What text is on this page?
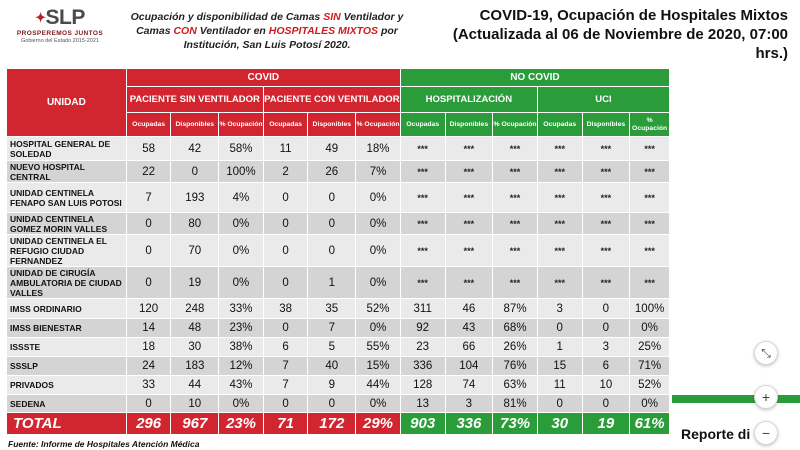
✦SLP
PROSPEREMOS JUNTOS
Gobierno del Estado 2015-2021
Ocupación y disponibilidad de Camas SIN Ventilador y Camas CON Ventilador en HOSPITALES MIXTOS por Institución, San Luis Potosí 2020.
COVID-19, Ocupación de Hospitales Mixtos
(Actualizada al 06 de Noviembre de 2020, 07:00 hrs.)
UNIDAD	COVID						NO COVID					
	PACIENTE SIN VENTILADOR			PACIENTE CON VENTILADOR			HOSPITALIZACIÓN			UCI		
	Ocupadas	Disponibles	% Ocupación	Ocupadas	Disponibles	% Ocupación	Ocupadas	Disponibles	% Ocupación	Ocupadas	Disponibles	% Ocupación
HOSPITAL GENERAL DE SOLEDAD	58	42	58%	11	49	18%	***	***	***	***	***	***
NUEVO HOSPITAL CENTRAL	22	0	100%	2	26	7%	***	***	***	***	***	***
UNIDAD CENTINELA FENAPO SAN LUIS POTOSI	7	193	4%	0	0	0%	***	***	***	***	***	***
UNIDAD CENTINELA GOMEZ MORIN VALLES	0	80	0%	0	0	0%	***	***	***	***	***	***
UNIDAD CENTINELA EL REFUGIO CIUDAD FERNANDEZ	0	70	0%	0	0	0%	***	***	***	***	***	***
UNIDAD DE CIRUGÍA AMBULATORIA DE CIUDAD VALLES	0	19	0%	0	1	0%	***	***	***	***	***	***
IMSS ORDINARIO	120	248	33%	38	35	52%	311	46	87%	3	0	100%
IMSS BIENESTAR	14	48	23%	0	7	0%	92	43	68%	0	0	0%
ISSSTE	18	30	38%	6	5	55%	23	66	26%	1	3	25%
SSSLP	24	183	12%	7	40	15%	336	104	76%	15	6	71%
PRIVADOS	33	44	43%	7	9	44%	128	74	63%	11	10	52%
SEDENA	0	10	0%	0	0	0%	13	3	81%	0	0	0%
TOTAL	296	967	23%	71	172	29%	903	336	73%	30	19	61%
Fuente: Informe de Hospitales Atención Médica
Reporte di
⤡
+
−
